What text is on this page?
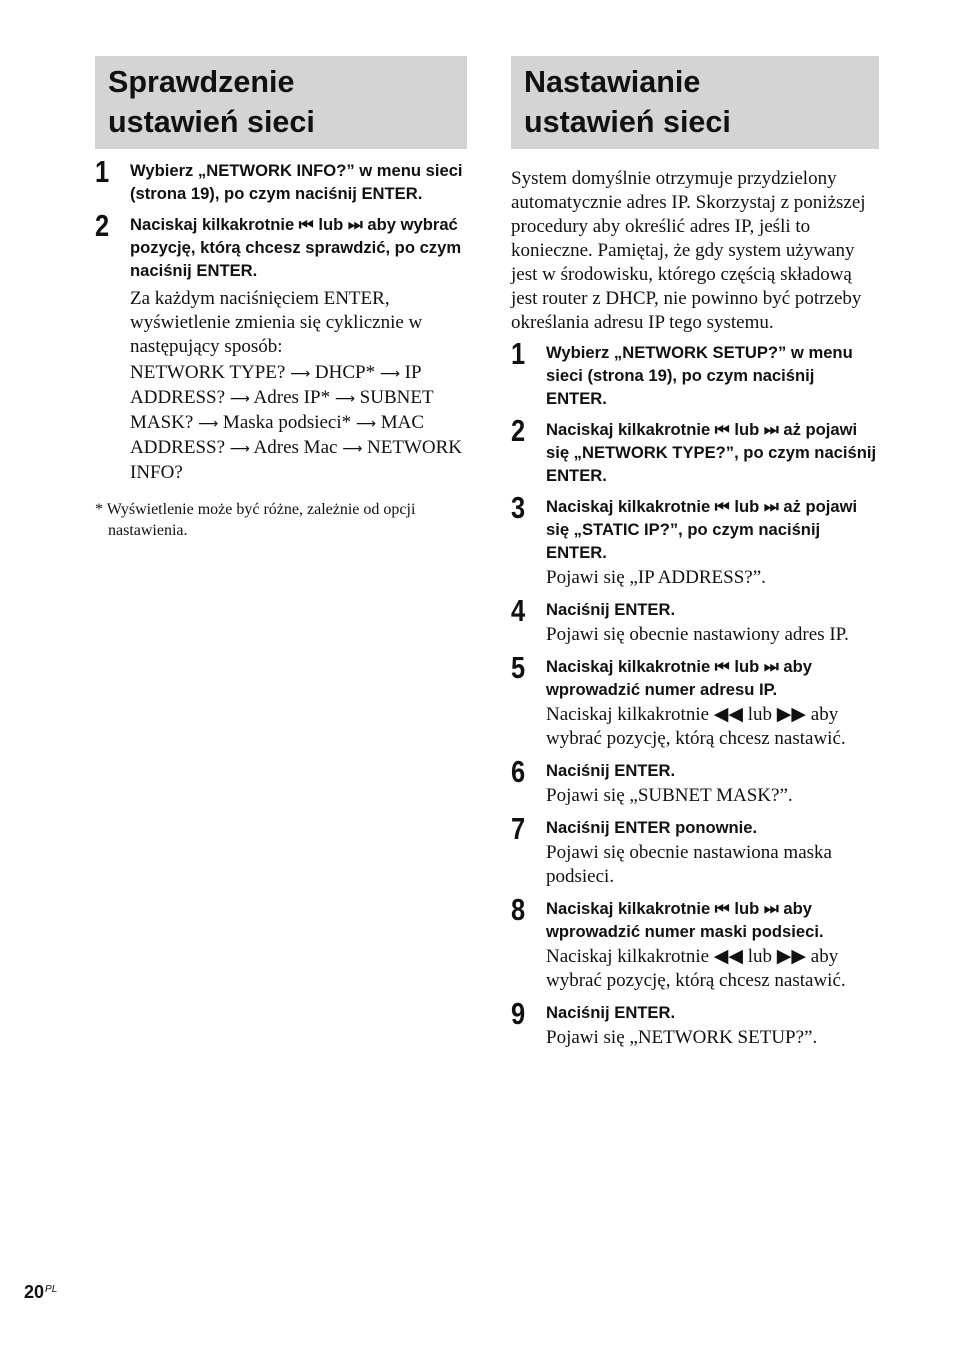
Sprawdzenie
ustawień sieci
1 Wybierz „NETWORK INFO?” w menu sieci (strona 19), po czym naciśnij ENTER.
2 Naciskaj kilkakrotnie ⏮ lub ⏭ aby wybrać pozycję, którą chcesz sprawdzić, po czym naciśnij ENTER.
Za każdym naciśnięciem ENTER, wyświetlenie zmienia się cyklicznie w następujący sposób:
NETWORK TYPE? ⟶ DHCP* ⟶ IP ADDRESS? ⟶ Adres IP* ⟶ SUBNET MASK? ⟶ Maska podsieci* ⟶ MAC ADDRESS? ⟶ Adres Mac ⟶ NETWORK INFO?
* Wyświetlenie może być różne, zależnie od opcji nastawienia.
Nastawianie
ustawień sieci
System domyślnie otrzymuje przydzielony automatycznie adres IP. Skorzystaj z poniższej procedury aby określić adres IP, jeśli to konieczne. Pamiętaj, że gdy system używany jest w środowisku, którego częścią składową jest router z DHCP, nie powinno być potrzeby określania adresu IP tego systemu.
1 Wybierz „NETWORK SETUP?” w menu sieci (strona 19), po czym naciśnij ENTER.
2 Naciskaj kilkakrotnie ⏮ lub ⏭ aż pojawi się „NETWORK TYPE?”, po czym naciśnij ENTER.
3 Naciskaj kilkakrotnie ⏮ lub ⏭ aż pojawi się „STATIC IP?”, po czym naciśnij ENTER.
Pojawi się „IP ADDRESS?”.
4 Naciśnij ENTER.
Pojawi się obecnie nastawiony adres IP.
5 Naciskaj kilkakrotnie ⏮ lub ⏭ aby wprowadzić numer adresu IP.
Naciskaj kilkakrotnie ◀◀ lub ▶▶ aby wybrać pozycję, którą chcesz nastawić.
6 Naciśnij ENTER.
Pojawi się „SUBNET MASK?”.
7 Naciśnij ENTER ponownie.
Pojawi się obecnie nastawiona maska podsieci.
8 Naciskaj kilkakrotnie ⏮ lub ⏭ aby wprowadzić numer maski podsieci.
Naciskaj kilkakrotnie ◀◀ lub ▶▶ aby wybrać pozycję, którą chcesz nastawić.
9 Naciśnij ENTER.
Pojawi się „NETWORK SETUP?”.
$20^{PL}$
